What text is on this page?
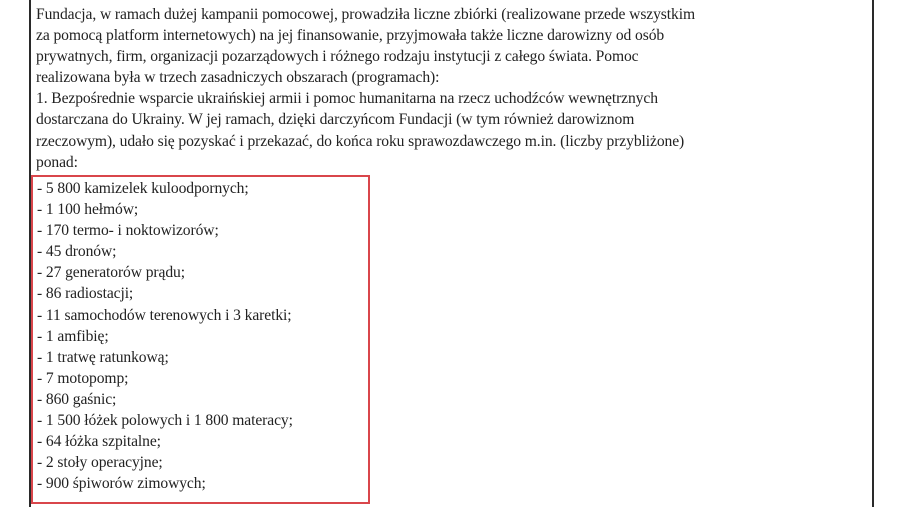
Fundacja, w ramach dużej kampanii pomocowej, prowadziła liczne zbiórki (realizowane przede wszystkim
za pomocą platform internetowych) na jej finansowanie, przyjmowała także liczne darowizny od osób
prywatnych, firm, organizacji pozarządowych i różnego rodzaju instytucji z całego świata. Pomoc
realizowana była w trzech zasadniczych obszarach (programach):
1. Bezpośrednie wsparcie ukraińskiej armii i pomoc humanitarna na rzecz uchodźców wewnętrznych
dostarczana do Ukrainy. W jej ramach, dzięki darczyńcom Fundacji (w tym również darowiznom
rzeczowym), udało się pozyskać i przekazać, do końca roku sprawozdawczego m.in. (liczby przybliżone)
ponad:
- 5 800 kamizelek kuloodpornych;
- 1 100 hełmów;
- 170 termo- i noktowizorów;
- 45 dronów;
- 27 generatorów prądu;
- 86 radiostacji;
- 11 samochodów terenowych i 3 karetki;
- 1 amfibię;
- 1 tratwę ratunkową;
- 7 motopomp;
- 860 gaśnic;
- 1 500 łóżek polowych i 1 800 materacy;
- 64 łóżka szpitalne;
- 2 stoły operacyjne;
- 900 śpiworów zimowych;
